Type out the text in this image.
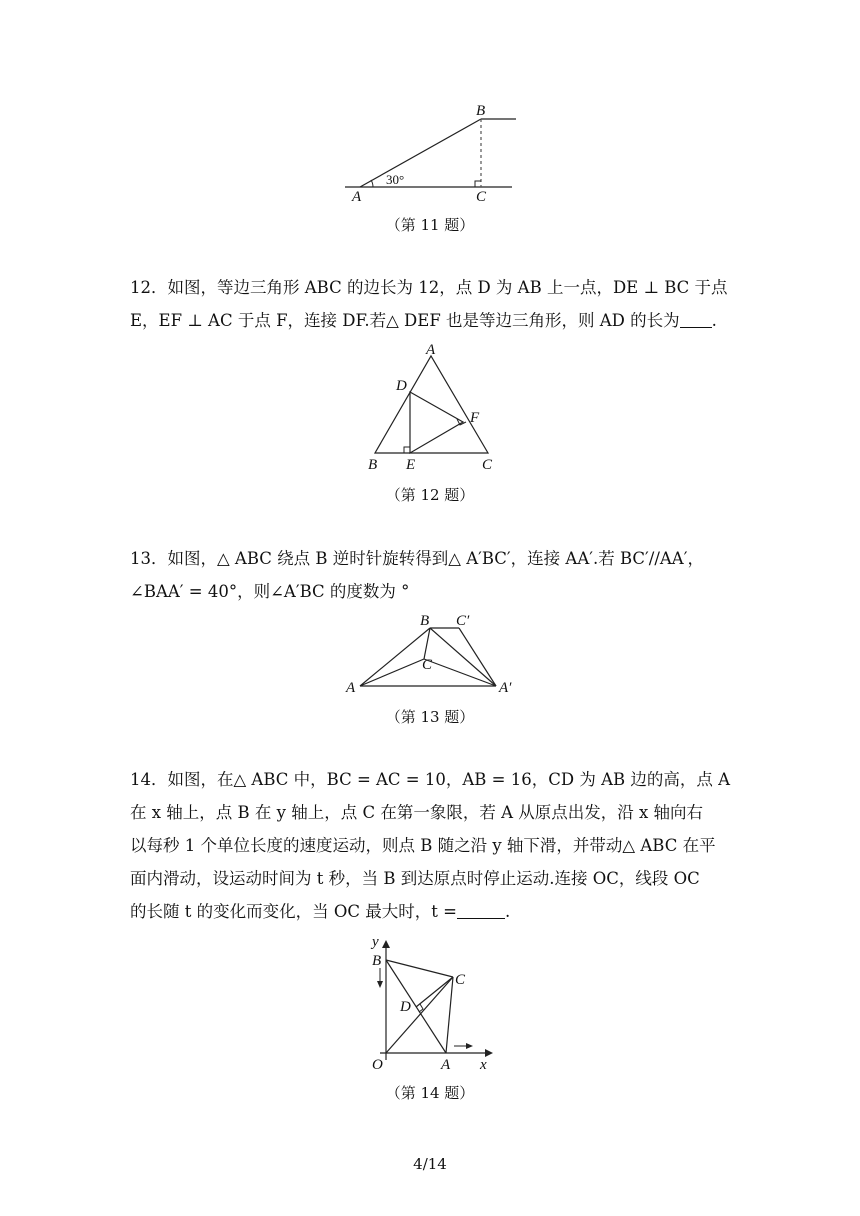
B
A	C
30°
（第 11 题）
12．如图，等边三角形 ABC 的边长为 12，点 D 为 AB 上一点，DE ⊥ BC 于点
E，EF ⊥ AC 于点 F，连接 DF.若△ DEF 也是等边三角形，则 AD 的长为 .
A
D
F
B E	C
（第 12 题）
13．如图，△ ABC 绕点 B 逆时针旋转得到△ A′BC′，连接 AA′.若 BC′//AA′，
∠BAA′ = 40°，则∠A′BC 的度数为 °
B C′
C
A	A′
（第 13 题）
14．如图，在△ ABC 中，BC = AC = 10，AB = 16，CD 为 AB 边的高，点 A
在 x 轴上，点 B 在 y 轴上，点 C 在第一象限，若 A 从原点出发，沿 x 轴向右
以每秒 1 个单位长度的速度运动，则点 B 随之沿 y 轴下滑，并带动△ ABC 在平
面内滑动，设运动时间为 t 秒，当 B 到达原点时停止运动.连接 OC，线段 OC
的长随 t 的变化而变化，当 OC 最大时，t =	.
y
B
C
D
O	A x
（第 14 题）
4/14
